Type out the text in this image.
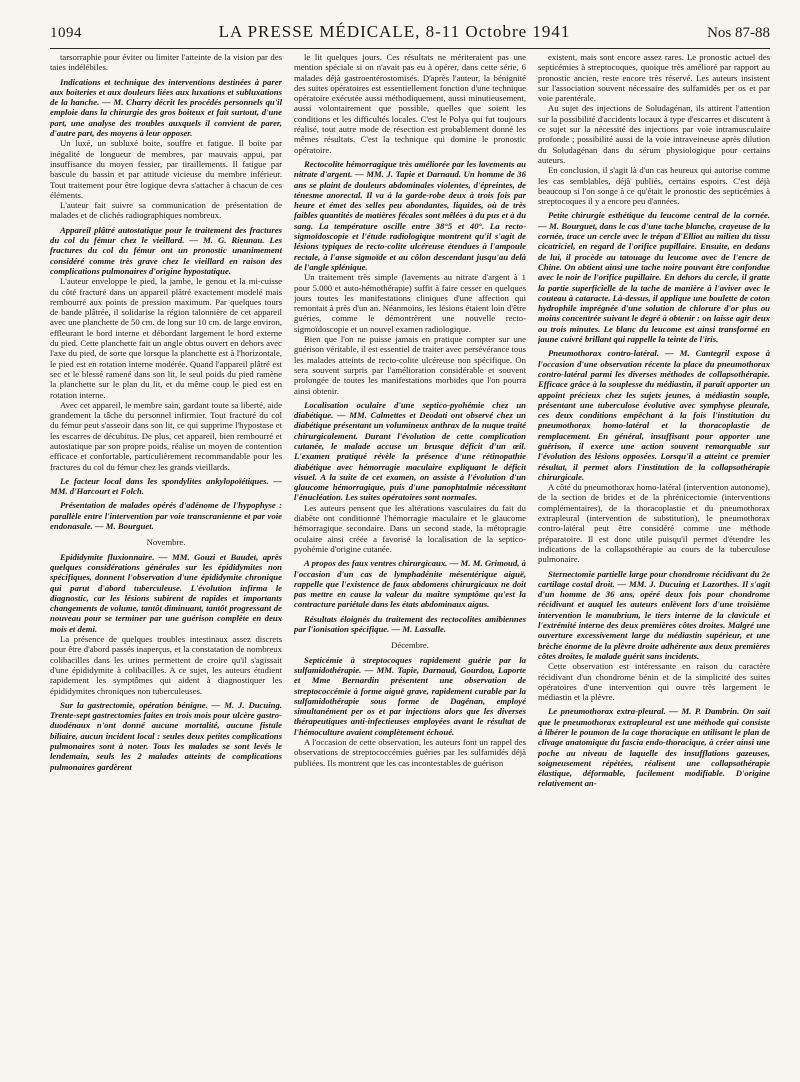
1094	LA PRESSE MÉDICALE, 8-11 Octobre 1941	Nos 87-88

tarsorraphie pour éviter ou limiter l'atteinte de la vision par des taies indélébiles.

Indications et technique des interventions destinées à parer aux boiteries et aux douleurs liées aux luxations et subluxations de la hanche. — M. Charry décrit les procédés personnels qu'il emploie dans la chirurgie des gros boiteux et fait surtout, d'une part, une analyse des troubles auxquels il convient de parer, d'autre part, des moyens à leur opposer.

Un luxé, un subluxé boite, souffre et fatigue. Il boite par inégalité de longueur de membres, par mauvais appui, par insuffisance du moyen fessier, par tiraillements. Il fatigue par bascule du bassin et par attitude vicieuse du membre inférieur. Tout traitement pour être logique devra s'attacher à chacun de ces éléments.

L'auteur fait suivre sa communication de présentation de malades et de clichés radiographiques nombreux.

Appareil plâtré autostatique pour le traitement des fractures du col du fémur chez le vieillard. — M. G. Rieunau. Les fractures du col du fémur ont un pronostic unanimement considéré comme très grave chez le vieillard en raison des complications pulmonaires d'origine hypostatique.

L'auteur enveloppe le pied, la jambe, le genou et la mi-cuisse du côté fracturé dans un appareil plâtré exactement modelé mais rembourré aux points de pression maximum. Par quelques tours de bande plâtrée, il solidarise la région talonnière de cet appareil avec une planchette de 50 cm. de long sur 10 cm. de large environ, effleurant le bord interne et débordant largement le bord externe du pied. Cette planchette fait un angle obtus ouvert en dehors avec l'axe du pied, de sorte que lorsque la planchette est à l'horizontale, le pied est en rotation interne modérée. Quand l'appareil plâtré est sec et le blessé ramené dans son lit, le seul poids du pied ramène la planchette sur le plan du lit, et du même coup le pied est en rotation interne.

Avec cet appareil, le membre sain, gardant toute sa liberté, aide grandement la tâche du personnel infirmier. Tout fracturé du col du fémur peut s'asseoir dans son lit, ce qui supprime l'hypostase et les escarres de décubitus. De plus, cet appareil, bien rembourré et autostatique par son propre poids, réalise un moyen de contention efficace et confortable, particulièrement recommandable pour les fractures du col du fémur chez les grands vieillards.

Le facteur local dans les spondylites ankylopoïétiques. — MM. d'Harcourt et Folch.

Présentation de malades opérés d'adénome de l'hypophyse : parallèle entre l'intervention par voie transcranienne et par voie endonasale. — M. Bourguet.

Novembre.

Epididymite fluxionnaire. — MM. Gouzi et Baudet, après quelques considérations générales sur les épididymites non spécifiques, donnent l'observation d'une épididymite chronique qui parut d'abord tuberculeuse. L'évolution infirma le diagnostic, car les lésions subirent de rapides et importants changements de volume, tantôt diminuant, tantôt progressant de nouveau pour se terminer par une guérison complète en deux mois et demi.

La présence de quelques troubles intestinaux assez discrets pour être d'abord passés inaperçus, et la constatation de nombreux colibacilles dans les urines permettent de croire qu'il s'agissait d'une épididymite à colibacilles. A ce sujet, les auteurs étudient rapidement les symptômes qui aident à diagnostiquer les épididymites chroniques non tuberculeuses.

Sur la gastrectomie, opération bénigne. — M. J. Ducuing. Trente-sept gastrectomies faites en trois mois pour ulcère gastro-duodénaux n'ont donné aucune mortalité, aucune fistule biliaire, aucun incident local : seules deux petites complications pulmonaires sont à noter. Tous les malades se sont levés le lendemain, seuls les 2 malades atteints de complications pulmonaires gardèrent

le lit quelques jours. Ces résultats ne mériteraient pas une mention spéciale si on n'avait pas eu à opérer, dans cette série, 6 malades déjà gastroentérostomisés. D'après l'auteur, la bénignité des suites opératoires est essentiellement fonction d'une technique opératoire exécutée aussi méthodiquement, aussi minutieusement, aussi volontairement que possible, quelles que soient les conditions et les difficultés locales. C'est le Polya qui fut toujours réalisé, tout autre mode de résection est probablement donné les mêmes résultats. C'est la technique qui domine le pronostic opératoire.

Rectocolite hémorragique très améliorée par les lavements au nitrate d'argent. — MM. J. Tapie et Darnaud. Un homme de 36 ans se plaint de douleurs abdominales violentes, d'épreintes, de ténesme anorectal. Il va à la garde-robe deux à trois fois par heure et émet des selles peu abondantes, liquides, où de très faibles quantités de matières fécales sont mêlées à du pus et à du sang. La température oscille entre 38°5 et 40°. La recto-sigmoïdoscopie et l'étude radiologique montrent qu'il s'agit de lésions typiques de recto-colite ulcéreuse étendues à l'ampoule rectale, à l'anse sigmoïde et au côlon descendant jusqu'au delà de l'angle splénique.

Un traitement très simple (lavements au nitrate d'argent à 1 pour 5.000 et auto-hémothérapie) suffit à faire cesser en quelques jours toutes les manifestations cliniques d'une affection qui remontait à près d'un an. Néanmoins, les lésions étaient loin d'être guéries, comme le démontrèrent une nouvelle recto-sigmoïdoscopie et un nouvel examen radiologique.

Bien que l'on ne puisse jamais en pratique compter sur une guérison véritable, il est essentiel de traiter avec persévérance tous les malades atteints de recto-colite ulcéreuse non spécifique. On sera souvent surpris par l'amélioration considérable et souvent prolongée de toutes les manifestations morbides que l'on pourra ainsi obtenir.

Localisation oculaire d'une septico-pyohémie chez un diabétique. — MM. Calmettes et Deodati ont observé chez un diabétique présentant un volumineux anthrax de la nuque traité chirurgicalement. Durant l'évolution de cette complication cutanée, le malade accuse un brusque déficit d'un œil. L'examen pratiqué révèle la présence d'une rétinopathie diabétique avec hémorragie maculaire expliquant le déficit visuel. A la suite de cet examen, on assiste à l'évolution d'un glaucome hémorragique, puis d'une panophtalmie nécessitant l'énucléation. Les suites opératoires sont normales.

Les auteurs pensent que les altérations vasculaires du fait du diabète ont conditionné l'hémorragie maculaire et le glaucome hémorragique secondaire. Dans un second stade, la métopragie oculaire ainsi créée a favorisé la localisation de la septico-pyohémie d'origine cutanée.

A propos des faux ventres chirurgicaux. — M. M. Grimoud, à l'occasion d'un cas de lymphadénite mésentérique aiguë, rappelle que l'existence de faux abdomens chirurgicaux ne doit pas mettre en cause la valeur du maître symptôme qu'est la contracture pariétale dans les états abdominaux aigus.

Résultats éloignés du traitement des rectocolites amibiennes par l'ionisation spécifique. — M. Lassalle.

Décembre.

Septicémie à streptocoques rapidement guérie par la sulfamidothérapie. — MM. Tapie, Darnaud, Gourdou, Laporte et Mme Bernardin présentent une observation de streptococcémie à forme aiguë grave, rapidement curable par la sulfamidothérapie sous forme de Dagénan, employé simultanément per os et par injections alors que les diverses thérapeutiques anti-infectieuses employées avant le résultat de l'hémoculture avaient complètement échoué.

A l'occasion de cette observation, les auteurs font un rappel des observations de streptococcémies guéries par les sulfamidés déjà publiées. Ils montrent que les cas incontestables de guérison

existent, mais sont encore assez rares. Le pronostic actuel des septicémies à streptocoques, quoique très amélioré par rapport au pronostic ancien, reste encore très réservé. Les auteurs insistent sur l'association souvent nécessaire des sulfamidés per os et par voie parentérale.

Au sujet des injections de Soludagénan, ils attirent l'attention sur la possibilité d'accidents locaux à type d'escarres et discutent à ce sujet sur la nécessité des injections par voie intramusculaire profonde ; possibilité aussi de la voie intraveineuse après dilution du Soludagénan dans du sérum physiologique pour certains auteurs.

En conclusion, il s'agit là d'un cas heureux qui autorise comme les cas semblables, déjà publiés, certains espoirs. C'est déjà beaucoup si l'on songe à ce qu'était le pronostic des septicémies à streptocoques il y a encore peu d'années.

Petite chirurgie esthétique du leucome central de la cornée. — M. Bourguet, dans le cas d'une tache blanche, crayeuse de la cornée, trace un cercle avec le trépan d'Elliot au milieu du tissu cicatriciel, en regard de l'orifice pupillaire. Ensuite, en dedans de lui, il procède au tatouage du leucome avec de l'encre de Chine. On obtient ainsi une tache noire pouvant être confondue avec le noir de l'orifice pupillaire. En dehors du cercle, il gratte la partie superficielle de la tache de manière à l'aviver avec le couteau à cataracte. Là-dessus, il applique une boulette de coton hydrophile imprégnée d'une solution de chlorure d'or plus ou moins concentrée suivant le degré à obtenir : on laisse agir deux ou trois minutes. Le blanc du leucome est ainsi transformé en jaune cuivré brillant qui rappelle la teinte de l'iris.

Pneumothorax contro-latéral. — M. Cantegril expose à l'occasion d'une observation récente la place du pneumothorax contro-latéral parmi les diverses méthodes de collapsothérapie. Efficace grâce à la souplesse du médiastin, il paraît apporter un appoint précieux chez les sujets jeunes, à médiastin souple, présentant une tuberculose évolutive avec symphyse pleurale, ces deux conditions empêchant à la fois l'institution du pneumothorax homo-latéral et la thoracoplastie de remplacement. En général, insuffisant pour apporter une guérison, il exerce une action souvent remarquable sur l'évolution des lésions opposées. Lorsqu'il a atteint ce premier résultat, il permet alors l'institution de la collapsothérapie chirurgicale.

A côté du pneumothorax homo-latéral (intervention autonome), de la section de brides et de la phrénicectomie (interventions complémentaires), de la thoracoplastie et du pneumothorax extrapleural (intervention de substitution), le pneumothorax contro-latéral peut être considéré comme une méthode préparatoire. Il est donc utile puisqu'il permet d'étendre les indications de la collapsothérapie au cours de la tuberculose pulmonaire.

Sternectomie partielle large pour chondrome récidivant du 2e cartilage costal droit. — MM. J. Ducuing et Lazorthes. Il s'agit d'un homme de 36 ans, opéré deux fois pour chondrome récidivant et auquel les auteurs enlèvent lors d'une troisième intervention le manubrium, le tiers interne de la clavicule et l'extrémité interne des deux premières côtes droites. Malgré une ouverture excessivement large du médiastin supérieur, et une brèche énorme de la plèvre droite adhérente aux deux premières côtes droites, le malade guérit sans incidents.

Cette observation est intéressante en raison du caractère récidivant d'un chondrome bénin et de la simplicité des suites opératoires d'une intervention qui ouvre très largement le médiastin et la plèvre.

Le pneumothorax extra-pleural. — M. P. Dambrin. On sait que le pneumothorax extrapleural est une méthode qui consiste à libérer le poumon de la cage thoracique en utilisant le plan de clivage anatomique du fascia endo-thoracique, à créer ainsi une poche au niveau de laquelle des insufflations gazeuses, soigneusement répétées, réalisent une collapsothérapie élastique, déformable, facilement modifiable. D'origine relativement an-
